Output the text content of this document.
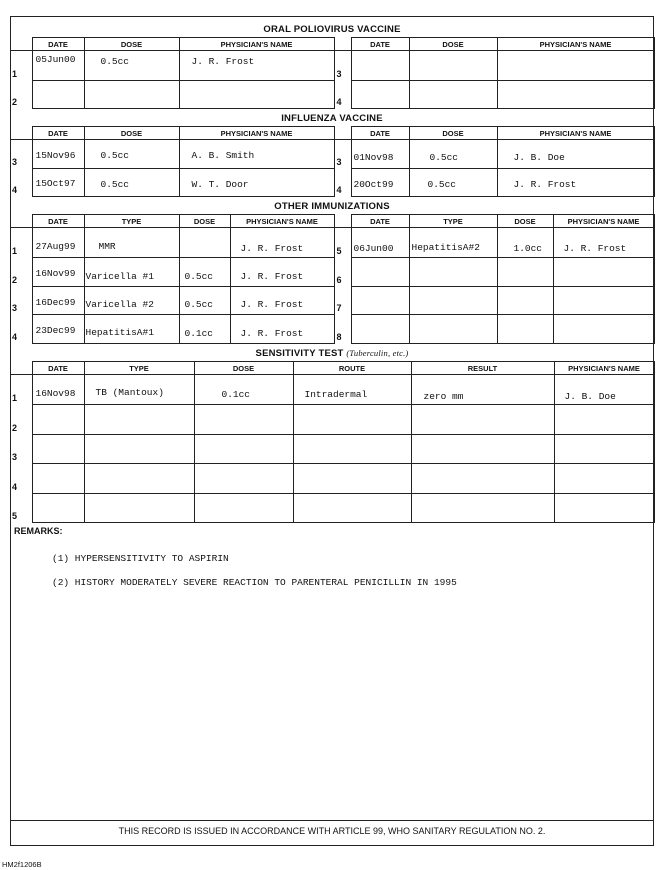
ORAL POLIOVIRUS VACCINE
	DATE	DOSE	PHYSICIAN'S NAME		DATE	DOSE	PHYSICIAN'S NAME
1	05Jun00	0.5cc	J. R. Frost	3	

2				4	

INFLUENZA VACCINE
	DATE	DOSE	PHYSICIAN'S NAME		DATE	DOSE	PHYSICIAN'S NAME
3	15Nov96	0.5cc	A. B. Smith	3	01Nov98	0.5cc	J. B. Doe

4	15Oct97	0.5cc	W. T. Door	4	20Oct99	0.5cc	J. R. Frost
OTHER IMMUNIZATIONS
	DATE	TYPE	DOSE	PHYSICIAN'S NAME		DATE	TYPE	DOSE	PHYSICIAN'S NAME
1	27Aug99	MMR		J. R. Frost	5	06Jun00	HepatitisA#2	1.0cc	J. R. Frost

2	16Nov99	Varicella #1	0.5cc	J. R. Frost	6	

3	16Dec99	Varicella #2	0.5cc	J. R. Frost	7	

4	23Dec99	HepatitisA#1	0.1cc	J. R. Frost	8	

SENSITIVITY TEST (Tuberculin, etc.)
	DATE	TYPE	DOSE	ROUTE	RESULT	PHYSICIAN'S NAME
1	16Nov98	TB (Mantoux)	0.1cc	Intradermal	zero mm	J. B. Doe

2	

3	

4	

5	

REMARKS:
(1) HYPERSENSITIVITY TO ASPIRIN
(2) HISTORY MODERATELY SEVERE REACTION TO PARENTERAL PENICILLIN IN 1995
THIS RECORD IS ISSUED IN ACCORDANCE WITH ARTICLE 99, WHO SANITARY REGULATION NO. 2.
HM2f1206B
